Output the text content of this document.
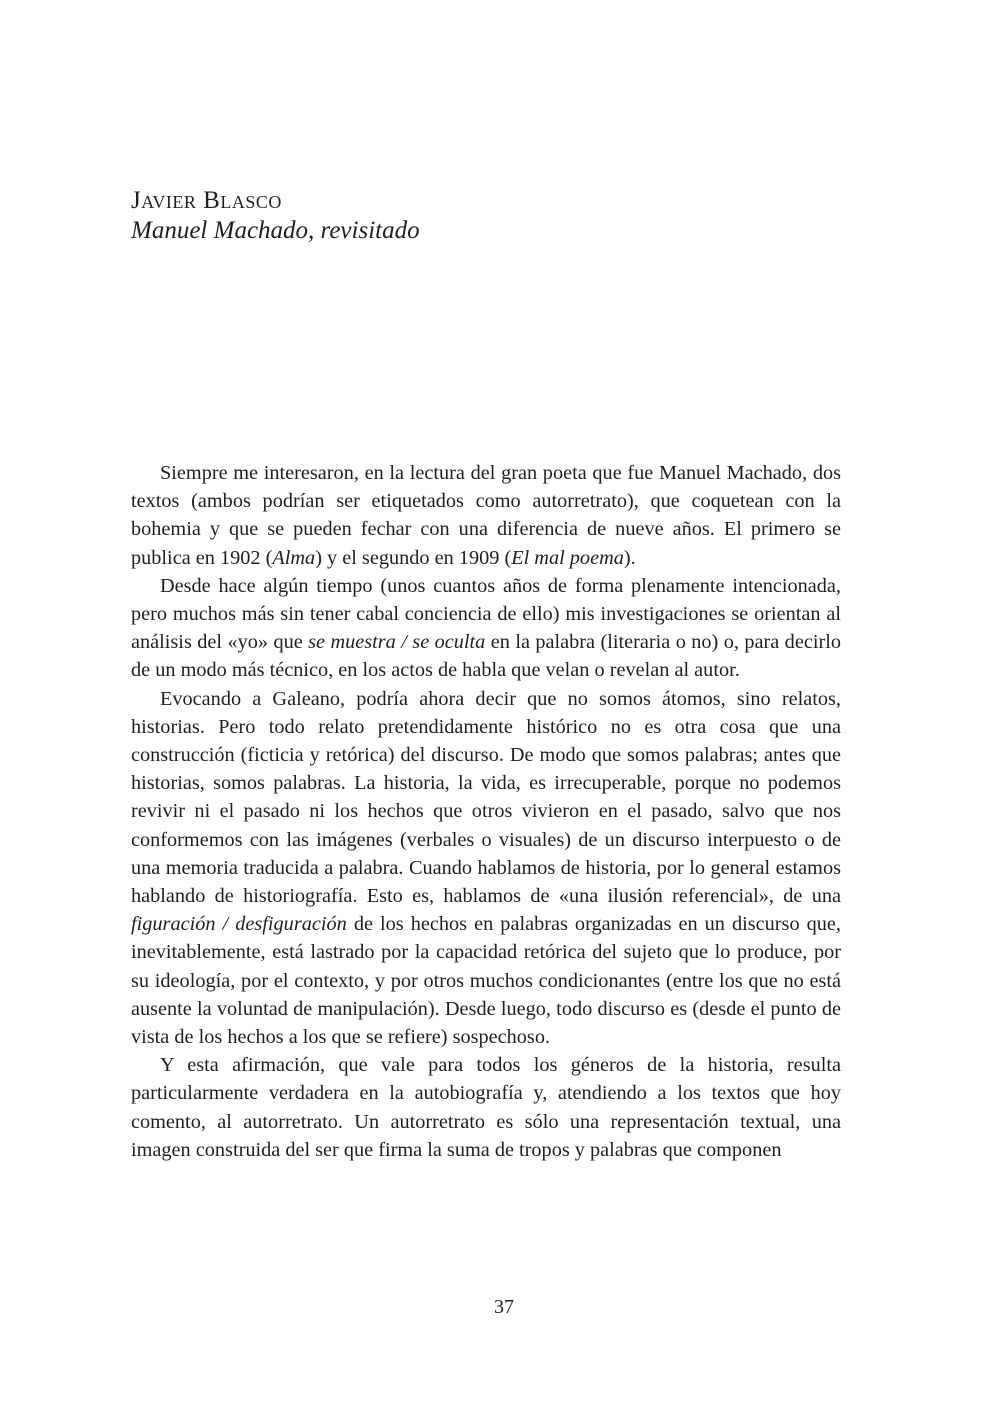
Javier Blasco
Manuel Machado, revisitado

Siempre me interesaron, en la lectura del gran poeta que fue Manuel Machado, dos textos (ambos podrían ser etiquetados como autorretrato), que coquetean con la bohemia y que se pueden fechar con una diferencia de nueve años. El primero se publica en 1902 (Alma) y el segundo en 1909 (El mal poema).

Desde hace algún tiempo (unos cuantos años de forma plenamente intencionada, pero muchos más sin tener cabal conciencia de ello) mis investigaciones se orientan al análisis del «yo» que se muestra / se oculta en la palabra (literaria o no) o, para decirlo de un modo más técnico, en los actos de habla que velan o revelan al autor.

Evocando a Galeano, podría ahora decir que no somos átomos, sino relatos, historias. Pero todo relato pretendidamente histórico no es otra cosa que una construcción (ficticia y retórica) del discurso. De modo que somos palabras; antes que historias, somos palabras. La historia, la vida, es irrecuperable, porque no podemos revivir ni el pasado ni los hechos que otros vivieron en el pasado, salvo que nos conformemos con las imágenes (verbales o visuales) de un discurso interpuesto o de una memoria traducida a palabra. Cuando hablamos de historia, por lo general estamos hablando de historiografía. Esto es, hablamos de «una ilusión referencial», de una figuración / desfiguración de los hechos en palabras organizadas en un discurso que, inevitablemente, está lastrado por la capacidad retórica del sujeto que lo produce, por su ideología, por el contexto, y por otros muchos condicionantes (entre los que no está ausente la voluntad de manipulación). Desde luego, todo discurso es (desde el punto de vista de los hechos a los que se refiere) sospechoso.

Y esta afirmación, que vale para todos los géneros de la historia, resulta particularmente verdadera en la autobiografía y, atendiendo a los textos que hoy comento, al autorretrato. Un autorretrato es sólo una representación textual, una imagen construida del ser que firma la suma de tropos y palabras que componen

37
